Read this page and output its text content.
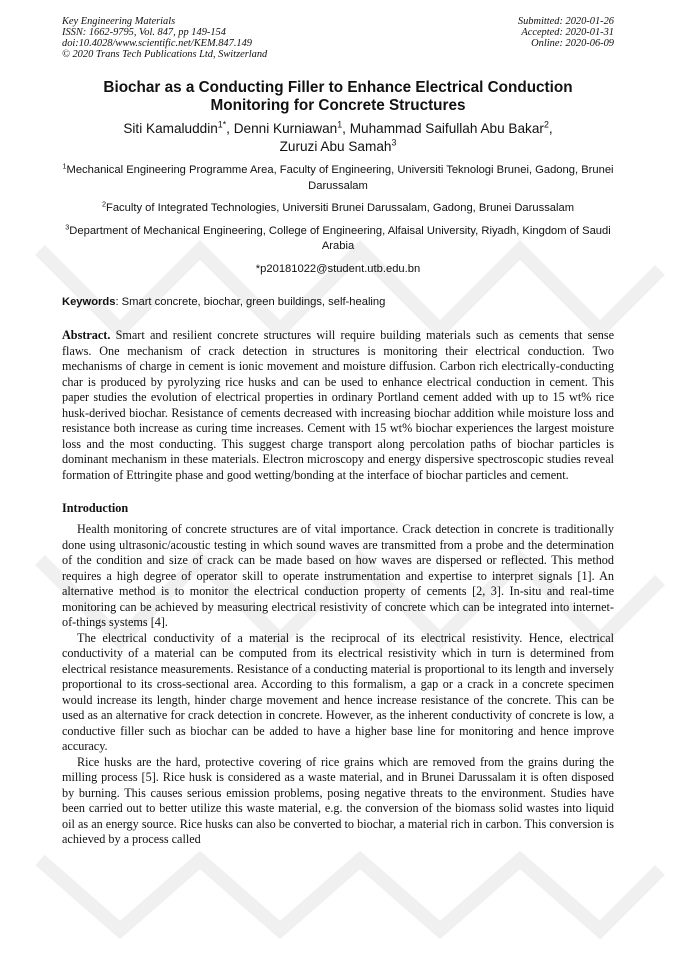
Key Engineering Materials
ISSN: 1662-9795, Vol. 847, pp 149-154
doi:10.4028/www.scientific.net/KEM.847.149
© 2020 Trans Tech Publications Ltd, Switzerland
Submitted: 2020-01-26
Accepted: 2020-01-31
Online: 2020-06-09
Biochar as a Conducting Filler to Enhance Electrical Conduction Monitoring for Concrete Structures
Siti Kamaluddin$^{1*}$, Denni Kurniawan$^1$, Muhammad Saifullah Abu Bakar$^2$,
Zuruzi Abu Samah$^3$
$^1$Mechanical Engineering Programme Area, Faculty of Engineering, Universiti Teknologi Brunei, Gadong, Brunei Darussalam
$^2$Faculty of Integrated Technologies, Universiti Brunei Darussalam, Gadong, Brunei Darussalam
$^3$Department of Mechanical Engineering, College of Engineering, Alfaisal University, Riyadh, Kingdom of Saudi Arabia
*p20181022@student.utb.edu.bn
Keywords: Smart concrete, biochar, green buildings, self-healing
Abstract. Smart and resilient concrete structures will require building materials such as cements that sense flaws. One mechanism of crack detection in structures is monitoring their electrical conduction. Two mechanisms of charge in cement is ionic movement and moisture diffusion. Carbon rich electrically-conducting char is produced by pyrolyzing rice husks and can be used to enhance electrical conduction in cement. This paper studies the evolution of electrical properties in ordinary Portland cement added with up to 15 wt% rice husk-derived biochar. Resistance of cements decreased with increasing biochar addition while moisture loss and resistance both increase as curing time increases. Cement with 15 wt% biochar experiences the largest moisture loss and the most conducting. This suggest charge transport along percolation paths of biochar particles is dominant mechanism in these materials. Electron microscopy and energy dispersive spectroscopic studies reveal formation of Ettringite phase and good wetting/bonding at the interface of biochar particles and cement.
Introduction
Health monitoring of concrete structures are of vital importance. Crack detection in concrete is traditionally done using ultrasonic/acoustic testing in which sound waves are transmitted from a probe and the determination of the condition and size of crack can be made based on how waves are dispersed or reflected. This method requires a high degree of operator skill to operate instrumentation and expertise to interpret signals [1]. An alternative method is to monitor the electrical conduction property of cements [2, 3]. In-situ and real-time monitoring can be achieved by measuring electrical resistivity of concrete which can be integrated into internet-of-things systems [4].
The electrical conductivity of a material is the reciprocal of its electrical resistivity. Hence, electrical conductivity of a material can be computed from its electrical resistivity which in turn is determined from electrical resistance measurements. Resistance of a conducting material is proportional to its length and inversely proportional to its cross-sectional area. According to this formalism, a gap or a crack in a concrete specimen would increase its length, hinder charge movement and hence increase resistance of the concrete. This can be used as an alternative for crack detection in concrete. However, as the inherent conductivity of concrete is low, a conductive filler such as biochar can be added to have a higher base line for monitoring and hence improve accuracy.
Rice husks are the hard, protective covering of rice grains which are removed from the grains during the milling process [5]. Rice husk is considered as a waste material, and in Brunei Darussalam it is often disposed by burning. This causes serious emission problems, posing negative threats to the environment. Studies have been carried out to better utilize this waste material, e.g. the conversion of the biomass solid wastes into liquid oil as an energy source. Rice husks can also be converted to biochar, a material rich in carbon. This conversion is achieved by a process called
